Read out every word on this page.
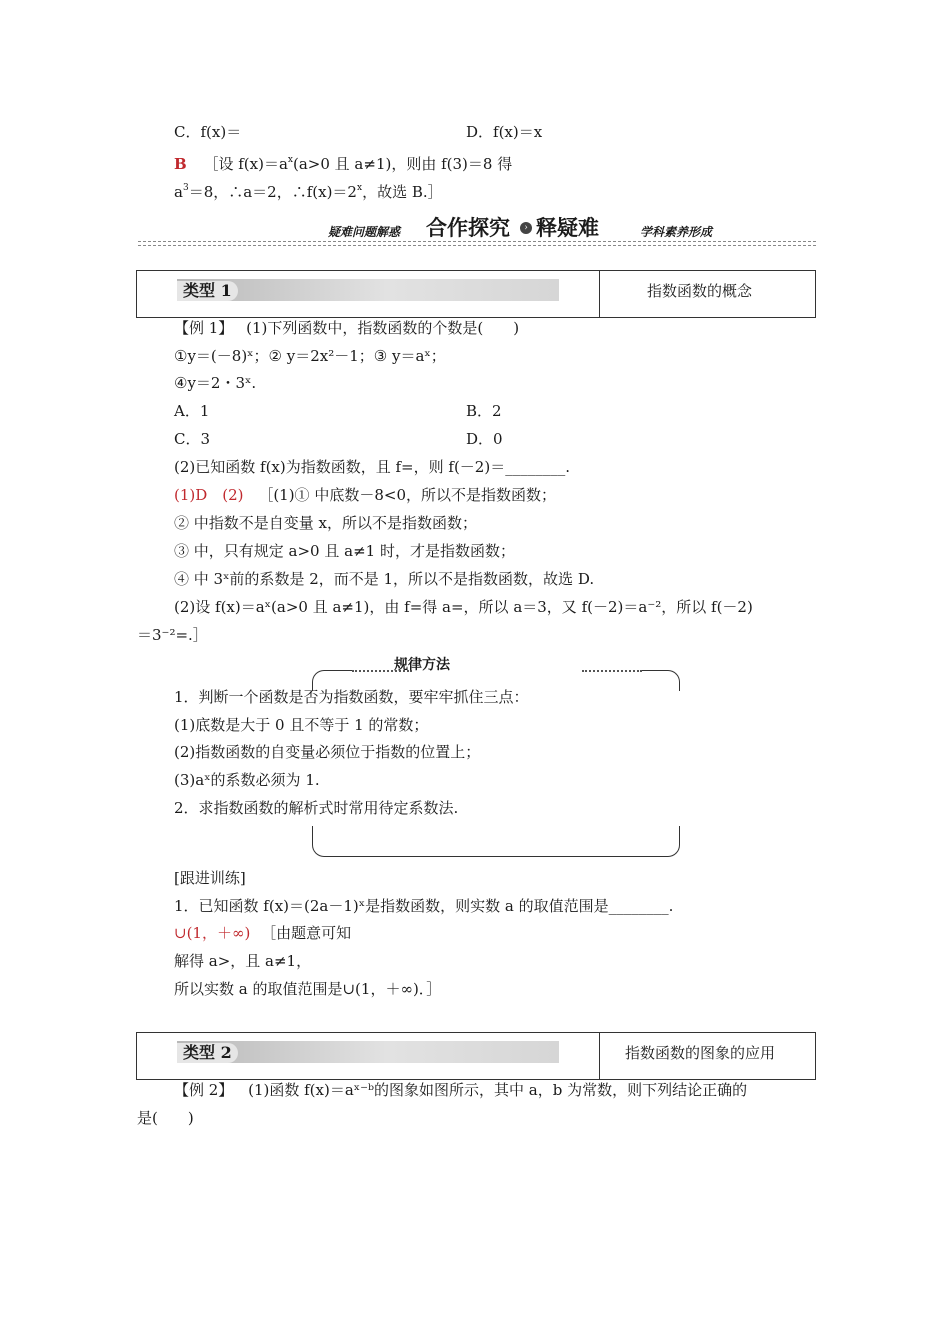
C．f(x)＝	D．f(x)＝x
B ［设 $f(x)=a^x(a>0$ 且 a≠1)，则由 f(3)＝8 得
$a^3=8$，∴a＝2，$\therefore f(x)=2^x$，故选 B.］
疑难问题解惑 合作探究	› 释疑难	学科素养形成
类型 1	指数函数的概念
【例 1】 (1)下列函数中，指数函数的个数是(　　)
①y＝(－8)ˣ；② y＝2x²－1；③ y＝aˣ；
④y＝2・3ˣ.
A．1	B．2
C．3	D．0
(2)已知函数 f(x)为指数函数，且 f=，则 f(－2)＝________.
(1)D　(2) ［(1)① 中底数－8<0，所以不是指数函数；
② 中指数不是自变量 x，所以不是指数函数；
③ 中，只有规定 a>0 且 a≠1 时，才是指数函数；
④ 中 3ˣ前的系数是 2，而不是 1，所以不是指数函数，故选 D.
(2)设 f(x)＝aˣ(a>0 且 a≠1)，由 f=得 a=，所以 a＝3，又 f(－2)＝a⁻²，所以 f(－2)
＝3⁻²=.］
规律方法
1．判断一个函数是否为指数函数，要牢牢抓住三点：
(1)底数是大于 0 且不等于 1 的常数；
(2)指数函数的自变量必须位于指数的位置上；
(3)aˣ的系数必须为 1.
2．求指数函数的解析式时常用待定系数法.
[跟进训练]
1．已知函数 f(x)＝(2a－1)ˣ是指数函数，则实数 a 的取值范围是________.
∪(1，＋∞) ［由题意可知
解得 a>，且 a≠1，
所以实数 a 的取值范围是∪(1，＋∞)．］
类型 2	指数函数的图象的应用
【例 2】 (1)函数 f(x)＝aˣ⁻ᵇ的图象如图所示，其中 a，b 为常数，则下列结论正确的
是(　　)
